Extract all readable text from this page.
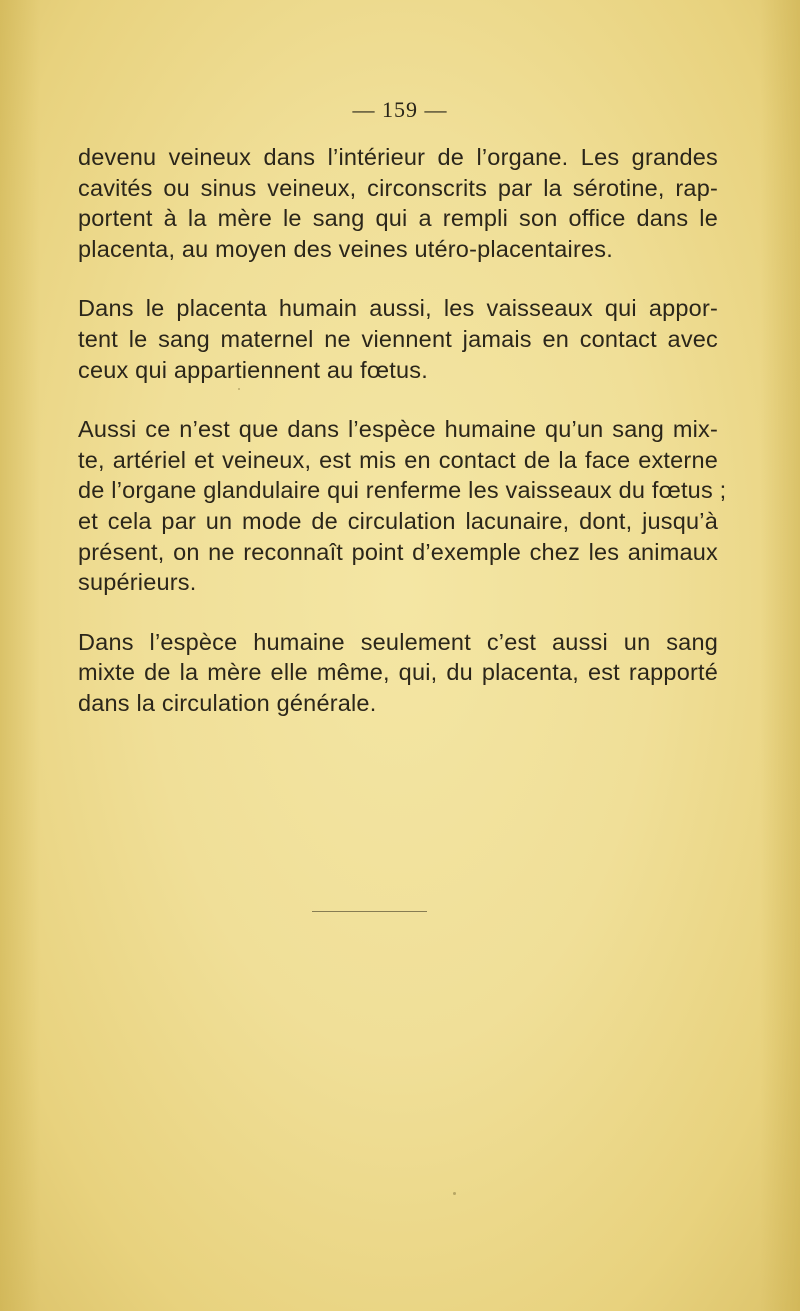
— 159 —

devenu veineux dans l’intérieur de l’organe. Les grandes
cavités ou sinus veineux, circonscrits par la sérotine, rap-
portent à la mère le sang qui a rempli son office dans le
placenta, au moyen des veines utéro-placentaires.

Dans le placenta humain aussi, les vaisseaux qui appor-
tent le sang maternel ne viennent jamais en contact avec
ceux qui appartiennent au fœtus.

Aussi ce n’est que dans l’espèce humaine qu’un sang mix-
te, artériel et veineux, est mis en contact de la face externe
de l’organe glandulaire qui renferme les vaisseaux du fœtus ;
et cela par un mode de circulation lacunaire, dont, jusqu’à
présent, on ne reconnaît point d’exemple chez les animaux
supérieurs.

Dans l’espèce humaine seulement c’est aussi un sang
mixte de la mère elle même, qui, du placenta, est rapporté
dans la circulation générale.
